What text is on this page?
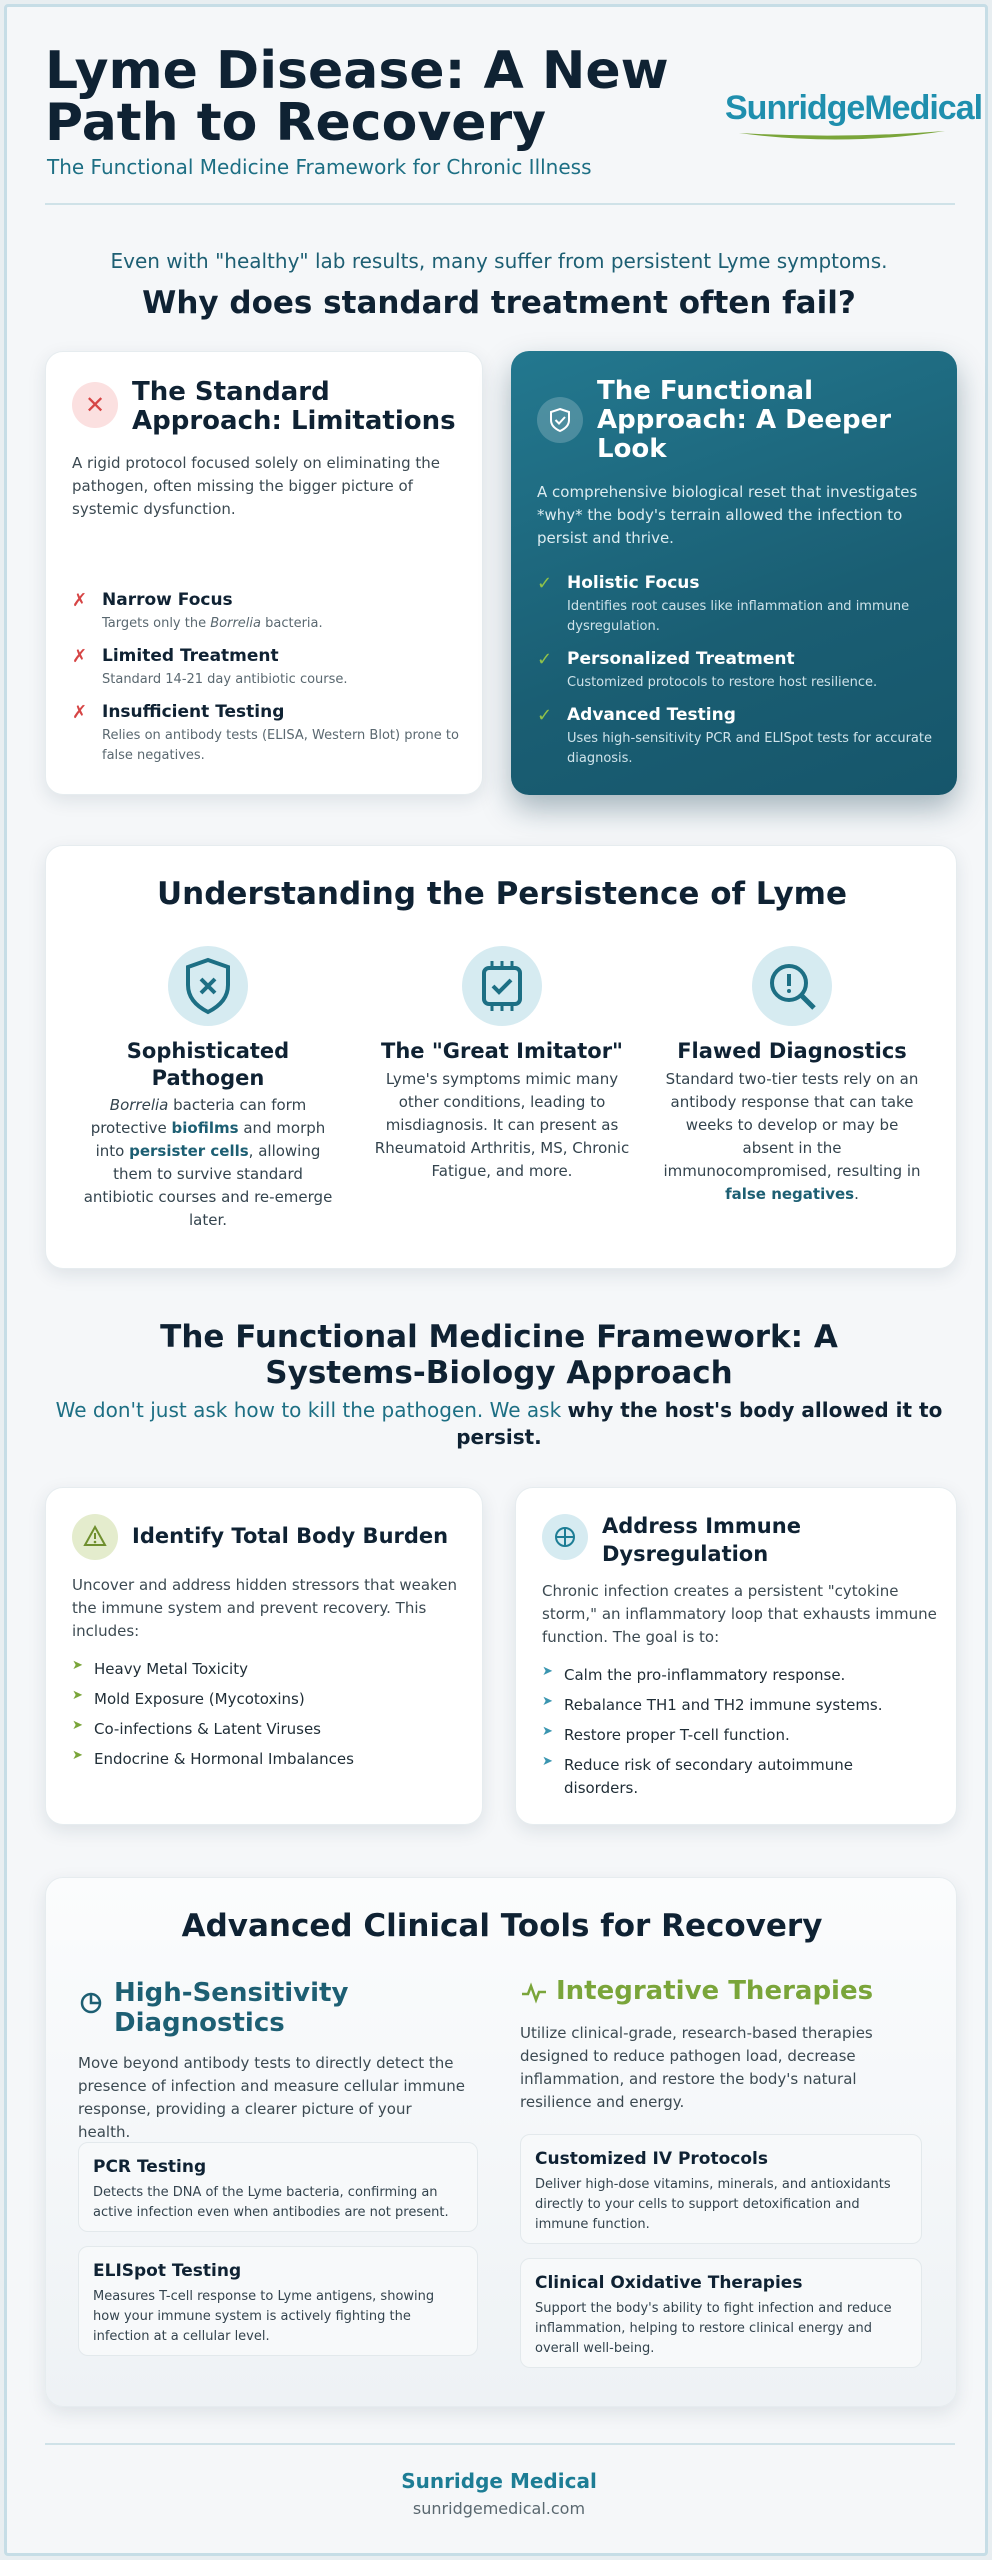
Lyme Disease: A New Path to Recovery
The Functional Medicine Framework for Chronic Illness
SunridgeMedical
Even with "healthy" lab results, many suffer from persistent Lyme symptoms.
Why does standard treatment often fail?
✕	The Standard Approach: Limitations
A rigid protocol focused solely on eliminating the pathogen, often missing the bigger picture of systemic dysfunction.
✗ Narrow Focus
Targets only the Borrelia bacteria.
✗ Limited Treatment
Standard 14-21 day antibiotic course.
✗ Insufficient Testing
Relies on antibody tests (ELISA, Western Blot) prone to false negatives.
The Functional Approach: A Deeper Look
A comprehensive biological reset that investigates *why* the body's terrain allowed the infection to persist and thrive.
✓ Holistic Focus
Identifies root causes like inflammation and immune dysregulation.
✓ Personalized Treatment
Customized protocols to restore host resilience.
✓ Advanced Testing
Uses high-sensitivity PCR and ELISpot tests for accurate diagnosis.
Understanding the Persistence of Lyme
Sophisticated Pathogen
Borrelia bacteria can form protective biofilms and morph into persister cells, allowing them to survive standard antibiotic courses and re-emerge later.
The "Great Imitator"
Lyme's symptoms mimic many other conditions, leading to misdiagnosis. It can present as Rheumatoid Arthritis, MS, Chronic Fatigue, and more.
Flawed Diagnostics
Standard two-tier tests rely on an antibody response that can take weeks to develop or may be absent in the immunocompromised, resulting in false negatives.
The Functional Medicine Framework: A Systems-Biology Approach
We don't just ask how to kill the pathogen. We ask why the host's body allowed it to persist.
Identify Total Body Burden
Uncover and address hidden stressors that weaken the immune system and prevent recovery. This includes:
➤ Heavy Metal Toxicity
➤ Mold Exposure (Mycotoxins)
➤ Co-infections & Latent Viruses
➤ Endocrine & Hormonal Imbalances
Address Immune Dysregulation
Chronic infection creates a persistent "cytokine storm," an inflammatory loop that exhausts immune function. The goal is to:
➤ Calm the pro-inflammatory response.
➤ Rebalance TH1 and TH2 immune systems.
➤ Restore proper T-cell function.
➤ Reduce risk of secondary autoimmune disorders.
Advanced Clinical Tools for Recovery
High-Sensitivity Diagnostics
Move beyond antibody tests to directly detect the presence of infection and measure cellular immune response, providing a clearer picture of your health.
PCR Testing
Detects the DNA of the Lyme bacteria, confirming an active infection even when antibodies are not present.
ELISpot Testing
Measures T-cell response to Lyme antigens, showing how your immune system is actively fighting the infection at a cellular level.
Integrative Therapies
Utilize clinical-grade, research-based therapies designed to reduce pathogen load, decrease inflammation, and restore the body's natural resilience and energy.
Customized IV Protocols
Deliver high-dose vitamins, minerals, and antioxidants directly to your cells to support detoxification and immune function.
Clinical Oxidative Therapies
Support the body's ability to fight infection and reduce inflammation, helping to restore clinical energy and overall well-being.
Sunridge Medical
sunridgemedical.com
